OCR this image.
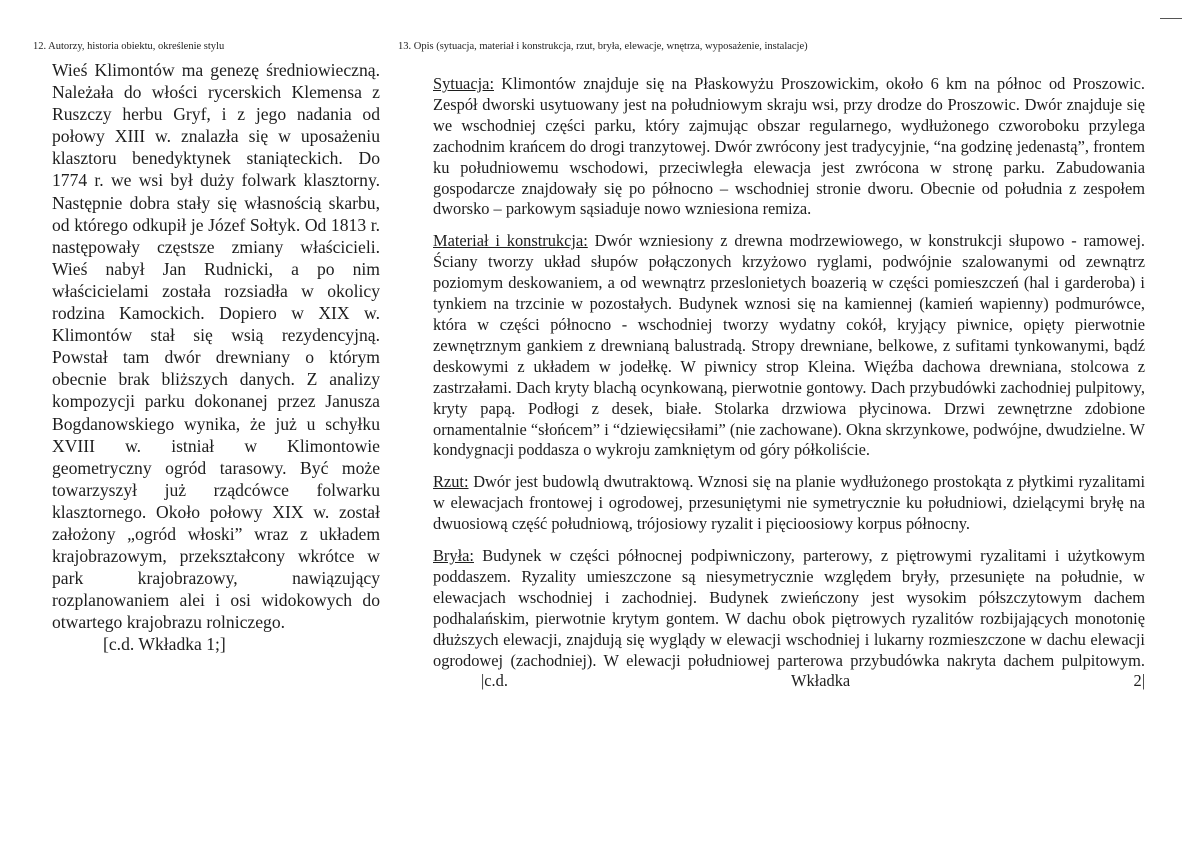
12. Autorzy, historia obiektu, określenie stylu
Wieś Klimontów ma genezę średniowieczną. Należała do włości rycerskich Klemensa z Ruszczy herbu Gryf, i z jego nadania od połowy XIII w. znalazła się w uposażeniu klasztoru benedyktynek staniąteckich. Do 1774 r. we wsi był duży folwark klasztorny. Następnie dobra stały się własnością skarbu, od którego odkupił je Józef Sołtyk. Od 1813 r. następowały częstsze zmiany właścicieli. Wieś nabył Jan Rudnicki, a po nim właścicielami została rozsiadła w okolicy rodzina Kamockich. Dopiero w XIX w. Klimontów stał się wsią rezydencyjną. Powstał tam dwór drewniany o którym obecnie brak bliższych danych. Z analizy kompozycji parku dokonanej przez Janusza Bogdanowskiego wynika, że już u schyłku XVIII w. istniał w Klimontowie geometryczny ogród tarasowy. Być może towarzyszył już rządcówce folwarku klasztornego. Około połowy XIX w. został założony „ogród włoski” wraz z układem krajobrazowym, przekształcony wkrótce w park krajobrazowy, nawiązujący rozplanowaniem alei i osi widokowych do otwartego krajobrazu rolniczego.
[c.d. Wkładka 1;]
13. Opis (sytuacja, materiał i konstrukcja, rzut, bryła, elewacje, wnętrza, wyposażenie, instalacje)

Sytuacja: Klimontów znajduje się na Płaskowyżu Proszowickim, około 6 km na północ od Proszowic. Zespół dworski usytuowany jest na południowym skraju wsi, przy drodze do Proszowic. Dwór znajduje się we wschodniej części parku, który zajmując obszar regularnego, wydłużonego czworoboku przylega zachodnim krańcem do drogi tranzytowej. Dwór zwrócony jest tradycyjnie, “na godzinę jedenastą”, frontem ku południowemu wschodowi, przeciwległa elewacja jest zwrócona w stronę parku. Zabudowania gospodarcze znajdowały się po północno – wschodniej stronie dworu. Obecnie od południa z zespołem dworsko – parkowym sąsiaduje nowo wzniesiona remiza.

Materiał i konstrukcja: Dwór wzniesiony z drewna modrzewiowego, w konstrukcji słupowo - ramowej. Ściany tworzy układ słupów połączonych krzyżowo ryglami, podwójnie szalowanymi od zewnątrz poziomym deskowaniem, a od wewnątrz przeslonietych boazerią w części pomieszczeń (hal i garderoba) i tynkiem na trzcinie w pozostałych. Budynek wznosi się na kamiennej (kamień wapienny) podmurówce, która w części północno - wschodniej tworzy wydatny cokół, kryjący piwnice, opięty pierwotnie zewnętrznym gankiem z drewnianą balustradą. Stropy drewniane, belkowe, z sufitami tynkowanymi, bądź deskowymi z układem w jodełkę. W piwnicy strop Kleina. Więźba dachowa drewniana, stolcowa z zastrzałami. Dach kryty blachą ocynkowaną, pierwotnie gontowy. Dach przybudówki zachodniej pulpitowy, kryty papą. Podłogi z desek, białe. Stolarka drzwiowa płycinowa. Drzwi zewnętrzne zdobione ornamentalnie “słońcem” i “dziewięcsiłami” (nie zachowane). Okna skrzynkowe, podwójne, dwudzielne. W kondygnacji poddasza o wykroju zamkniętym od góry półkoliście.

Rzut: Dwór jest budowlą dwutraktową. Wznosi się na planie wydłużonego prostokąta z płytkimi ryzalitami w elewacjach frontowej i ogrodowej, przesuniętymi nie symetrycznie ku południowi, dzielącymi bryłę na dwuosiową część południową, trójosiowy ryzalit i pięcioosiowy korpus północny.

Bryła: Budynek w części północnej podpiwniczony, parterowy, z piętrowymi ryzalitami i użytkowym poddaszem. Ryzality umieszczone są niesymetrycznie względem bryły, przesunięte na południe, w elewacjach wschodniej i zachodniej. Budynek zwieńczony jest wysokim półszczytowym dachem podhalańskim, pierwotnie krytym gontem. W dachu obok piętrowych ryzalitów rozbijających monotonię dłuższych elewacji, znajdują się wyglądy w elewacji wschodniej i lukarny rozmieszczone w dachu elewacji ogrodowej (zachodniej). W elewacji południowej parterowa przybudówka nakryta dachem pulpitowym. |c.d. Wkładka 2|
